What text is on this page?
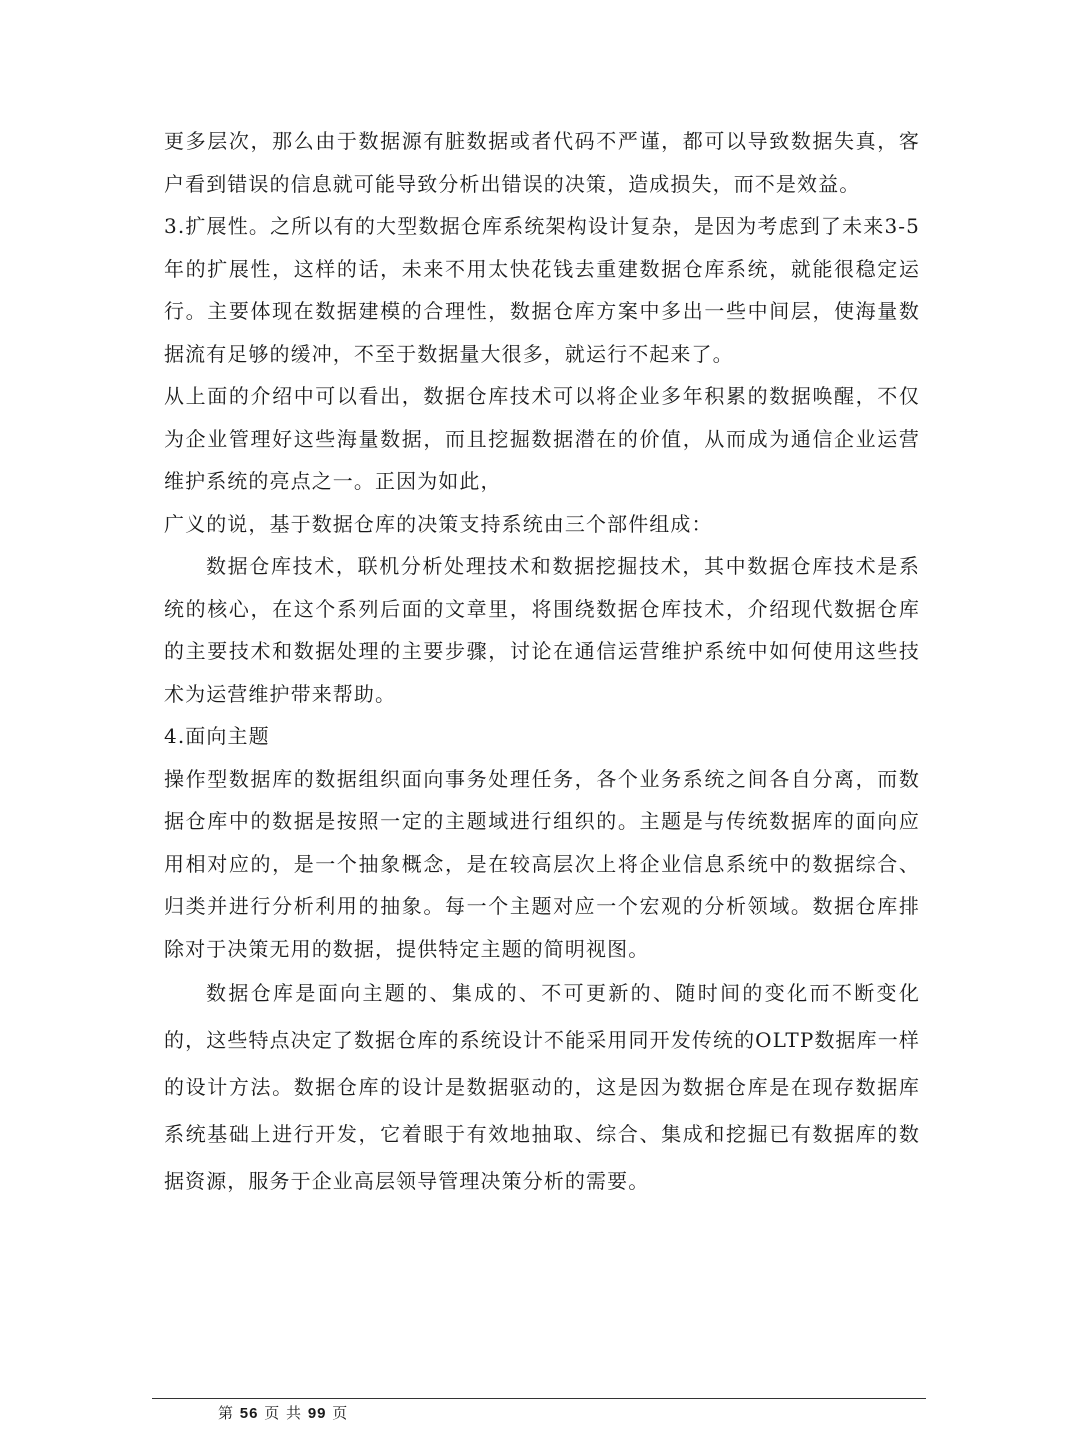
更多层次，那么由于数据源有脏数据或者代码不严谨，都可以导致数据失真，客户看到错误的信息就可能导致分析出错误的决策，造成损失，而不是效益。

3.扩展性。之所以有的大型数据仓库系统架构设计复杂，是因为考虑到了未来3-5年的扩展性，这样的话，未来不用太快花钱去重建数据仓库系统，就能很稳定运行。主要体现在数据建模的合理性，数据仓库方案中多出一些中间层，使海量数据流有足够的缓冲，不至于数据量大很多，就运行不起来了。

从上面的介绍中可以看出，数据仓库技术可以将企业多年积累的数据唤醒，不仅为企业管理好这些海量数据，而且挖掘数据潜在的价值，从而成为通信企业运营维护系统的亮点之一。正因为如此，

广义的说，基于数据仓库的决策支持系统由三个部件组成：

数据仓库技术，联机分析处理技术和数据挖掘技术，其中数据仓库技术是系统的核心，在这个系列后面的文章里，将围绕数据仓库技术，介绍现代数据仓库的主要技术和数据处理的主要步骤，讨论在通信运营维护系统中如何使用这些技术为运营维护带来帮助。

4.面向主题

操作型数据库的数据组织面向事务处理任务，各个业务系统之间各自分离，而数据仓库中的数据是按照一定的主题域进行组织的。主题是与传统数据库的面向应用相对应的，是一个抽象概念，是在较高层次上将企业信息系统中的数据综合、归类并进行分析利用的抽象。每一个主题对应一个宏观的分析领域。数据仓库排除对于决策无用的数据，提供特定主题的简明视图。

数据仓库是面向主题的、集成的、不可更新的、随时间的变化而不断变化的，这些特点决定了数据仓库的系统设计不能采用同开发传统的OLTP数据库一样的设计方法。数据仓库的设计是数据驱动的，这是因为数据仓库是在现存数据库系统基础上进行开发，它着眼于有效地抽取、综合、集成和挖掘已有数据库的数据资源，服务于企业高层领导管理决策分析的需要。

第 56 页 共 99 页
